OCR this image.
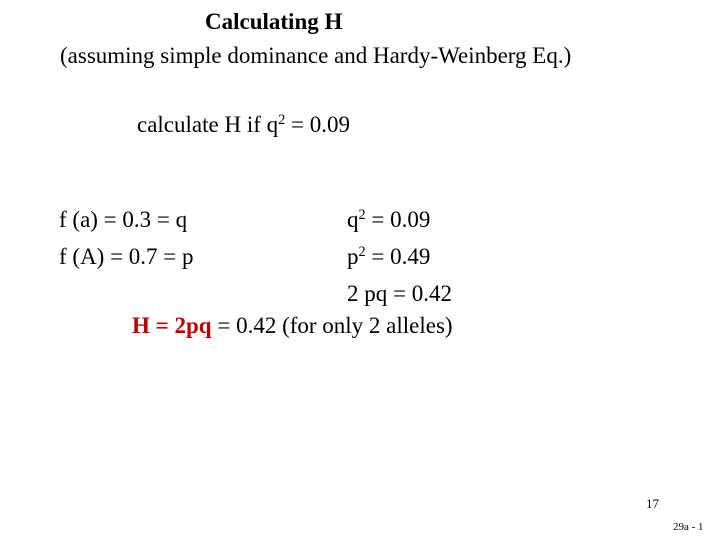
Calculating H
(assuming simple dominance and Hardy-Weinberg Eq.)
calculate H if $q^2 = 0.09$
f (a) = 0.3 = q
f (A) = 0.7 = p
$q^2 = 0.09$
$p^2 = 0.49$
2 pq = 0.42
H = 2pq = 0.42 (for only 2 alleles)
17
29a - 1
